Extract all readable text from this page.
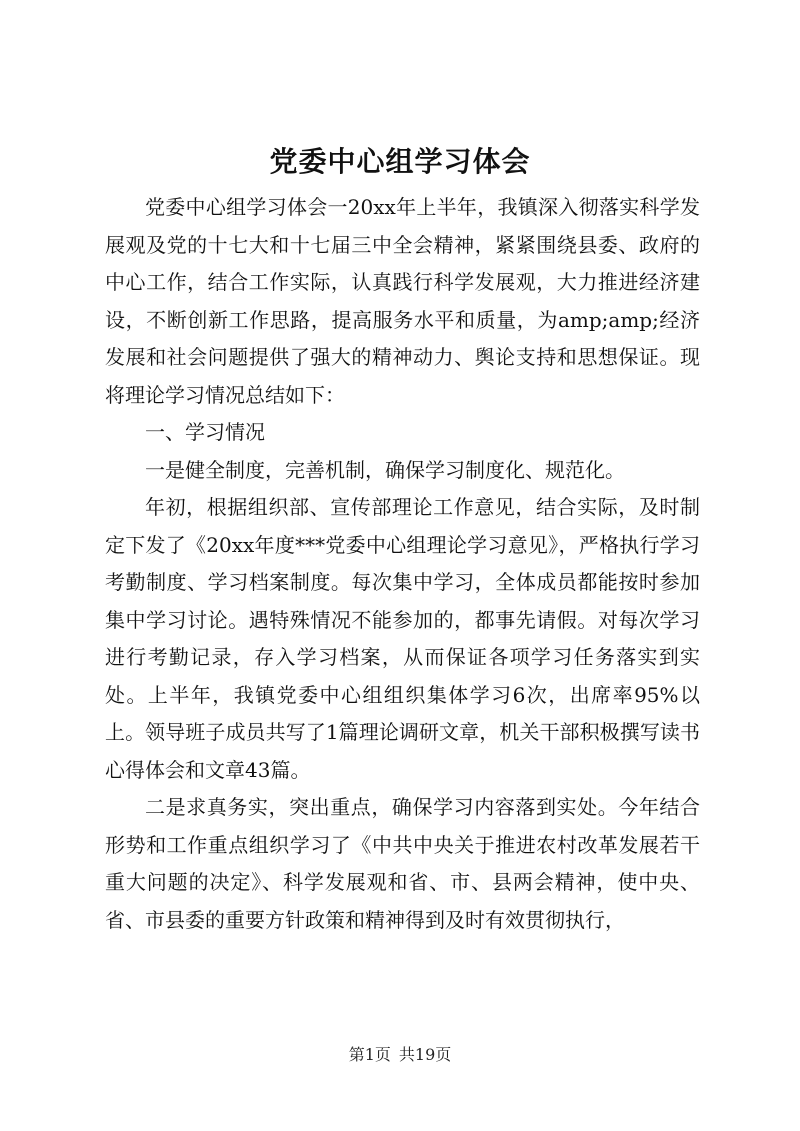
党委中心组学习体会

党委中心组学习体会一20xx年上半年，我镇深入彻落实科学发展观及党的十七大和十七届三中全会精神，紧紧围绕县委、政府的中心工作，结合工作实际，认真践行科学发展观，大力推进经济建设，不断创新工作思路，提高服务水平和质量，为amp;amp;经济发展和社会问题提供了强大的精神动力、舆论支持和思想保证。现将理论学习情况总结如下：

一、学习情况

一是健全制度，完善机制，确保学习制度化、规范化。

年初，根据组织部、宣传部理论工作意见，结合实际，及时制定下发了《20xx年度***党委中心组理论学习意见》，严格执行学习考勤制度、学习档案制度。每次集中学习，全体成员都能按时参加集中学习讨论。遇特殊情况不能参加的，都事先请假。对每次学习进行考勤记录，存入学习档案，从而保证各项学习任务落实到实处。上半年，我镇党委中心组组织集体学习6次，出席率95%以上。领导班子成员共写了1篇理论调研文章，机关干部积极撰写读书心得体会和文章43篇。

二是求真务实，突出重点，确保学习内容落到实处。今年结合形势和工作重点组织学习了《中共中央关于推进农村改革发展若干重大问题的决定》、科学发展观和省、市、县两会精神，使中央、省、市县委的重要方针政策和精神得到及时有效贯彻执行，

第1页 共19页
